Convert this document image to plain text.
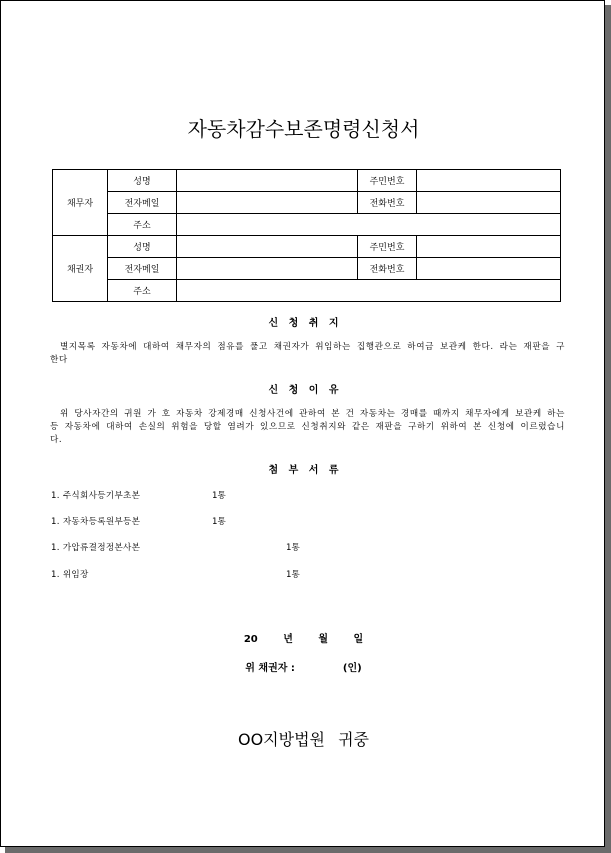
자동차감수보존명령신청서
채무자	성명		주민번호	
	전자메일		전화번호	
	주소			
채권자	성명		주민번호	
	전자메일		전화번호	
	주소			
신 청 취 지
별지목록 자동차에 대하여 채무자의 점유를 풀고 채권자가 위임하는 집행관으로 하여금 보관케 한다. 라는 재판을 구한다
신 청 이 유
위 당사자간의 귀원 가 호 자동차 강제경매 신청사건에 관하여 본 건 자동차는 경매를 때까지 채무자에게 보관케 하는 등 자동차에 대하여 손실의 위험을 당할 염려가 있으므로 신청취지와 같은 재판을 구하기 위하여 본 신청에 이르렀습니다.
첨 부 서 류
1. 주식회사등기부초본	1통
1. 자동차등록원부등본	1통
1. 가압류결정정본사본	1통
1. 위임장	1통
20 년 월 일
위 채권자 :	(인)
OO지방법원 귀중
